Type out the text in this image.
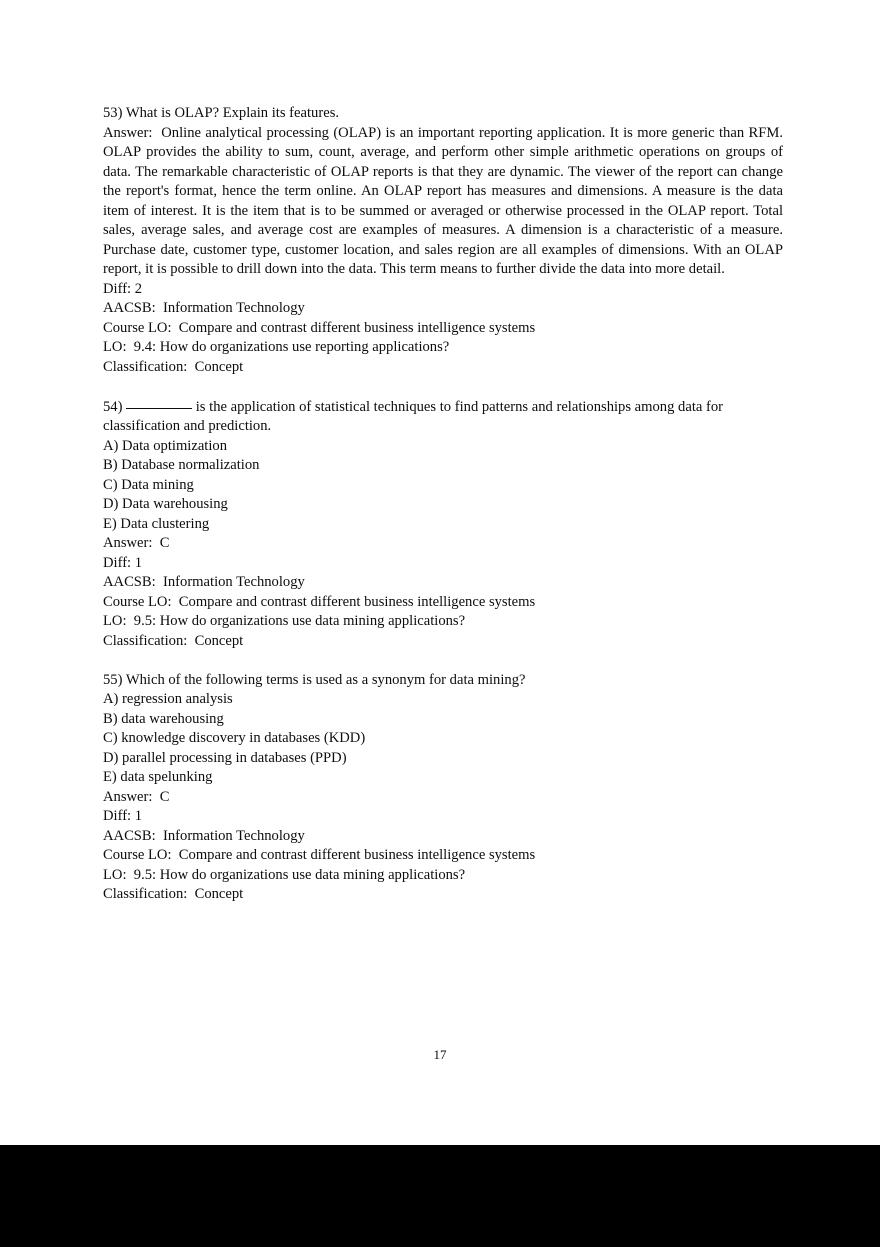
53) What is OLAP? Explain its features.

Answer:  Online analytical processing (OLAP) is an important reporting application. It is more generic than RFM. OLAP provides the ability to sum, count, average, and perform other simple arithmetic operations on groups of data. The remarkable characteristic of OLAP reports is that they are dynamic. The viewer of the report can change the report's format, hence the term online. An OLAP report has measures and dimensions. A measure is the data item of interest. It is the item that is to be summed or averaged or otherwise processed in the OLAP report. Total sales, average sales, and average cost are examples of measures. A dimension is a characteristic of a measure. Purchase date, customer type, customer location, and sales region are all examples of dimensions. With an OLAP report, it is possible to drill down into the data. This term means to further divide the data into more detail.

Diff: 2

AACSB:  Information Technology

Course LO:  Compare and contrast different business intelligence systems

LO:  9.4: How do organizations use reporting applications?

Classification:  Concept

54)	is the application of statistical techniques to find patterns and relationships among data for classification and prediction.

A) Data optimization

B) Database normalization

C) Data mining

D) Data warehousing

E) Data clustering

Answer:  C

Diff: 1

AACSB:  Information Technology

Course LO:  Compare and contrast different business intelligence systems

LO:  9.5: How do organizations use data mining applications?

Classification:  Concept

55) Which of the following terms is used as a synonym for data mining?

A) regression analysis

B) data warehousing

C) knowledge discovery in databases (KDD)

D) parallel processing in databases (PPD)

E) data spelunking

Answer:  C

Diff: 1

AACSB:  Information Technology

Course LO:  Compare and contrast different business intelligence systems

LO:  9.5: How do organizations use data mining applications?

Classification:  Concept

17
